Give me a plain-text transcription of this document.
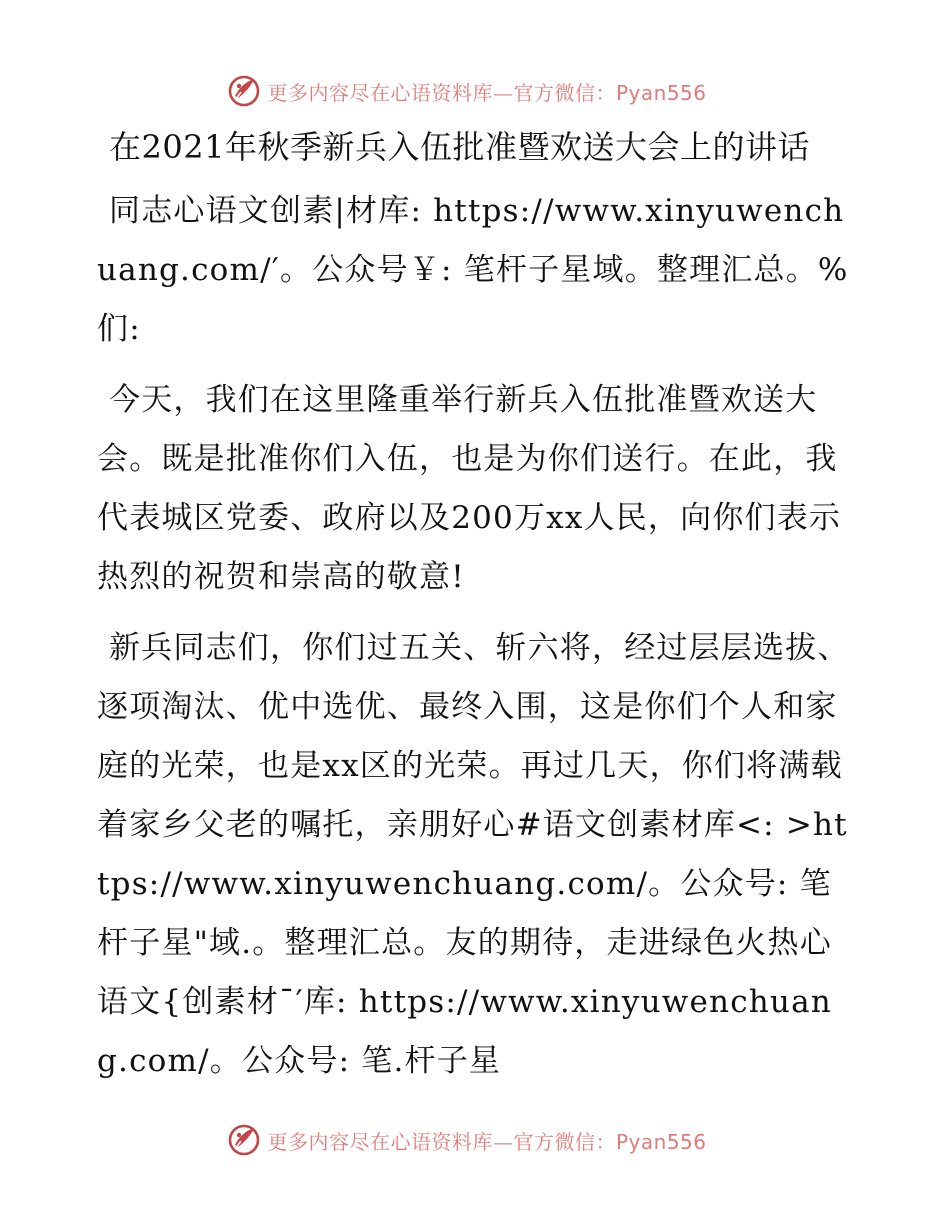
更多内容尽在心语资料库—官方微信：Pyan556
在2021年秋季新兵入伍批准暨欢送大会上的讲话

同志心语文创素|材库: https://www.xinyuwenchuang.com/′。公众号￥: 笔杆子星域。整理汇总。%们:

今天，我们在这里隆重举行新兵入伍批准暨欢送大会。既是批准你们入伍，也是为你们送行。在此，我代表城区党委、政府以及200万xx人民，向你们表示热烈的祝贺和崇高的敬意!

新兵同志们，你们过五关、斩六将，经过层层选拔、逐项淘汰、优中选优、最终入围，这是你们个人和家庭的光荣，也是xx区的光荣。再过几天，你们将满载着家乡父老的嘱托，亲朋好心#语文创素材库<: >https://www.xinyuwenchuang.com/。公众号: 笔杆子星"域.。整理汇总。友的期待，走进绿色火热心语文{创素材¯′库: https://www.xinyuwenchuang.com/。公众号: 笔.杆子星

更多内容尽在心语资料库—官方微信：Pyan556
